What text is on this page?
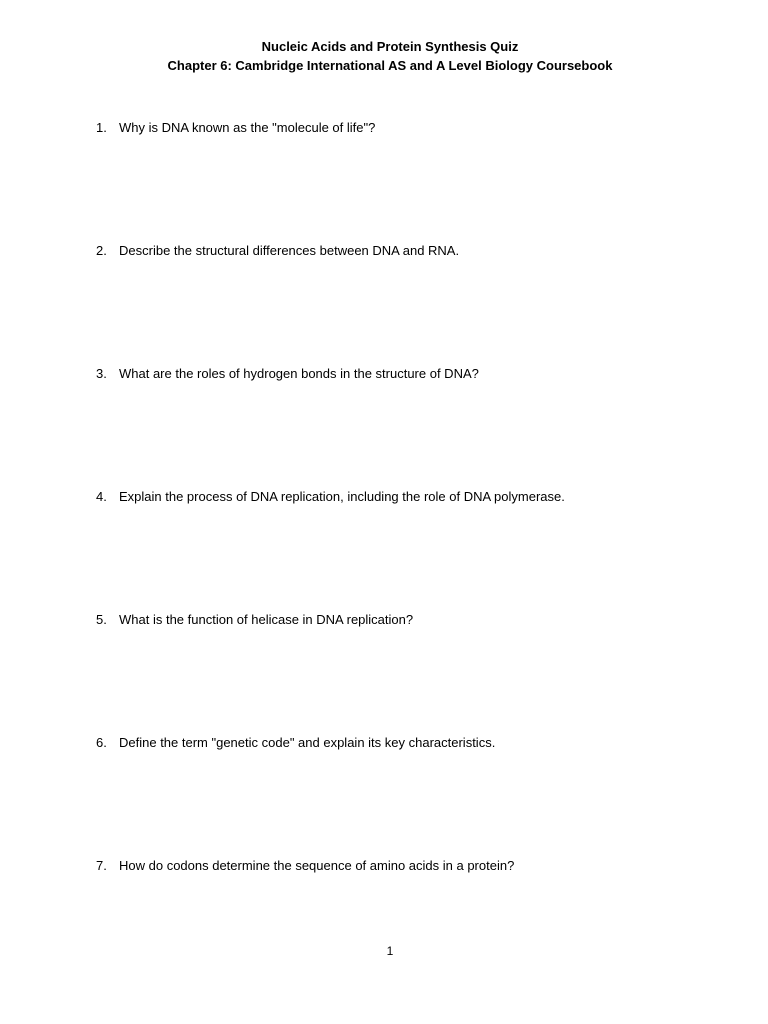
Nucleic Acids and Protein Synthesis Quiz
Chapter 6: Cambridge International AS and A Level Biology Coursebook
1. Why is DNA known as the "molecule of life"?
2. Describe the structural differences between DNA and RNA.
3. What are the roles of hydrogen bonds in the structure of DNA?
4. Explain the process of DNA replication, including the role of DNA polymerase.
5. What is the function of helicase in DNA replication?
6. Define the term "genetic code" and explain its key characteristics.
7. How do codons determine the sequence of amino acids in a protein?
1
